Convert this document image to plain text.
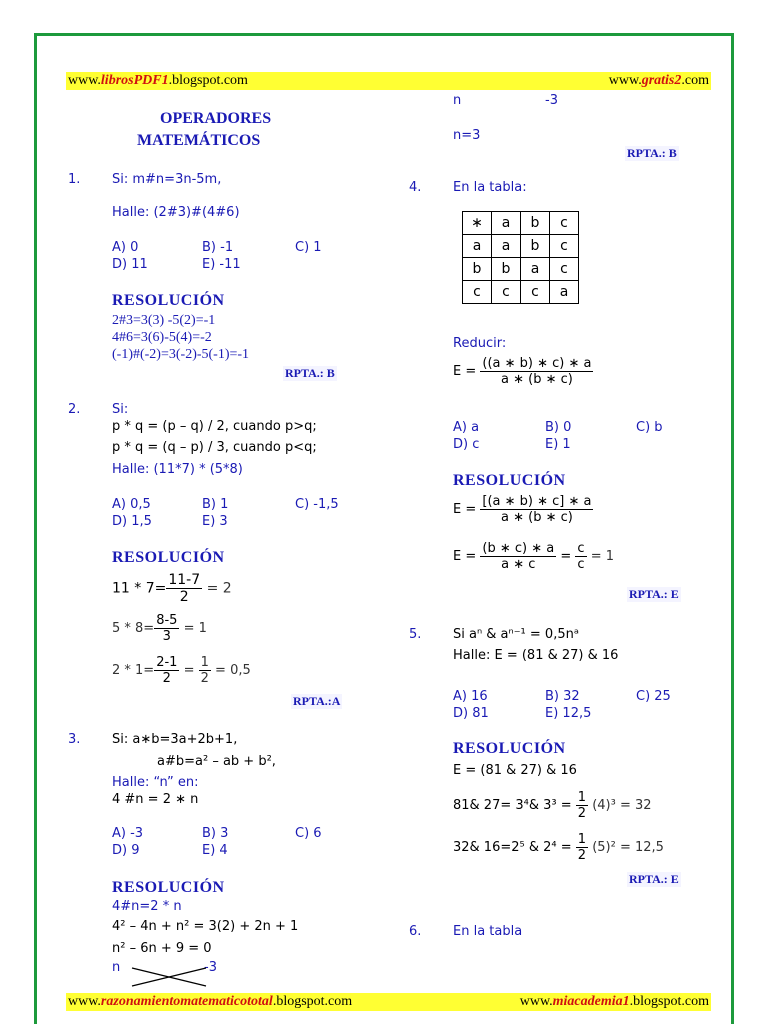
www.librosPDF1.blogspot.com	www.gratis2.com
www.razonamientomatematicototal.blogspot.com	www.miacademia1.blogspot.com
OPERADORES
MATEMÁTICOS
1. Si: m#n=3n-5m,
Halle: (2#3)#(4#6)
A) 0	B) -1	C) 1
D) 11	E) -11
RESOLUCIÓN
2#3=3(3) -5(2)=-1
4#6=3(6)-5(4)=-2
(-1)#(-2)=3(-2)-5(-1)=-1
RPTA.: B
2. Si:
p * q = (p – q) / 2, cuando p>q;
p * q = (q – p) / 3, cuando p<q;
Halle: (11*7) * (5*8)
A) 0,5	B) 1	C) -1,5
D) 1,5	E) 3
RESOLUCIÓN
$11 * 7= \frac{11-7}{2} = 2$
$5 * 8= \frac{8-5}{3} = 1$
$2 * 1= \frac{2-1}{2} = \frac{1}{2} = 0,5$
RPTA.:A
3. Si: a∗b=3a+2b+1,
a#b=a² – ab + b²,
Halle: “n” en:
4 #n = 2 ∗ n
A) -3	B) 3	C) 6
D) 9	E) 4
RESOLUCIÓN
4#n=2 * n
4² – 4n + n² = 3(2) + 2n + 1
n² – 6n + 9 = 0
n	-3
n	-3
n=3
RPTA.: B
4. En la tabla:
∗	a	b	c
a	a	b	c
b	b	a	c
c	c	c	a
Reducir:
$E = \frac{((a ∗ b) ∗ c) ∗ a}{a ∗ (b ∗ c)}$
A) a	B) 0	C) b
D) c	E) 1
RESOLUCIÓN
$E = \frac{[(a ∗ b) ∗ c] ∗ a}{a ∗ (b ∗ c)}$
$E = \frac{(b ∗ c) ∗ a}{a ∗ c} = \frac{c}{c} = 1$
RPTA.: E
5. Si aⁿ & aⁿ⁻¹ = 0,5nᵃ
Halle: E = (81 & 27) & 16
A) 16	B) 32	C) 25
D) 81	E) 12,5
RESOLUCIÓN
E = (81 & 27) & 16
81& 27= 3⁴& $3^3 = \frac{1}{2} (4)^3 = 32$
32& 16=2⁵ & $2^4 = \frac{1}{2} (5)^2 = 12,5$
RPTA.: E
6. En la tabla
